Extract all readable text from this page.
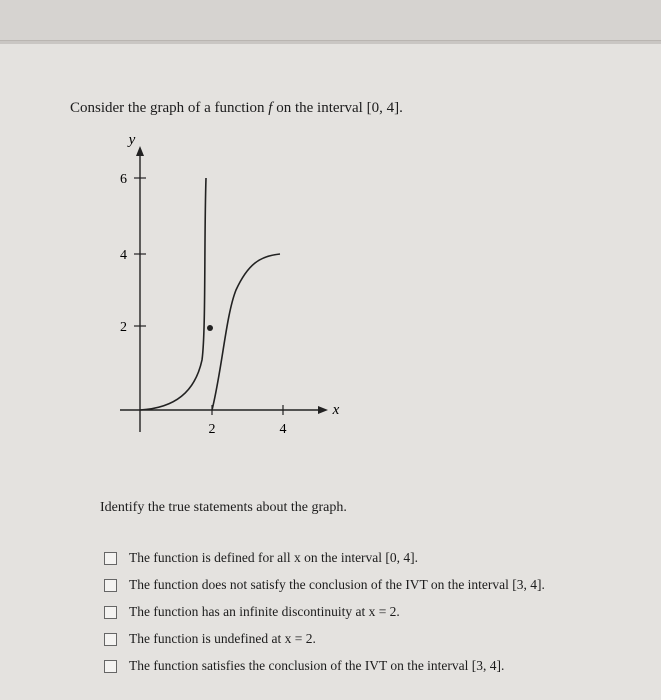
Consider the graph of a function f on the interval [0, 4].
6
4
2
2	4
y
x
Identify the true statements about the graph.
The function is defined for all x on the interval [0, 4].
The function does not satisfy the conclusion of the IVT on the interval [3, 4].
The function has an infinite discontinuity at x = 2.
The function is undefined at x = 2.
The function satisfies the conclusion of the IVT on the interval [3, 4].
